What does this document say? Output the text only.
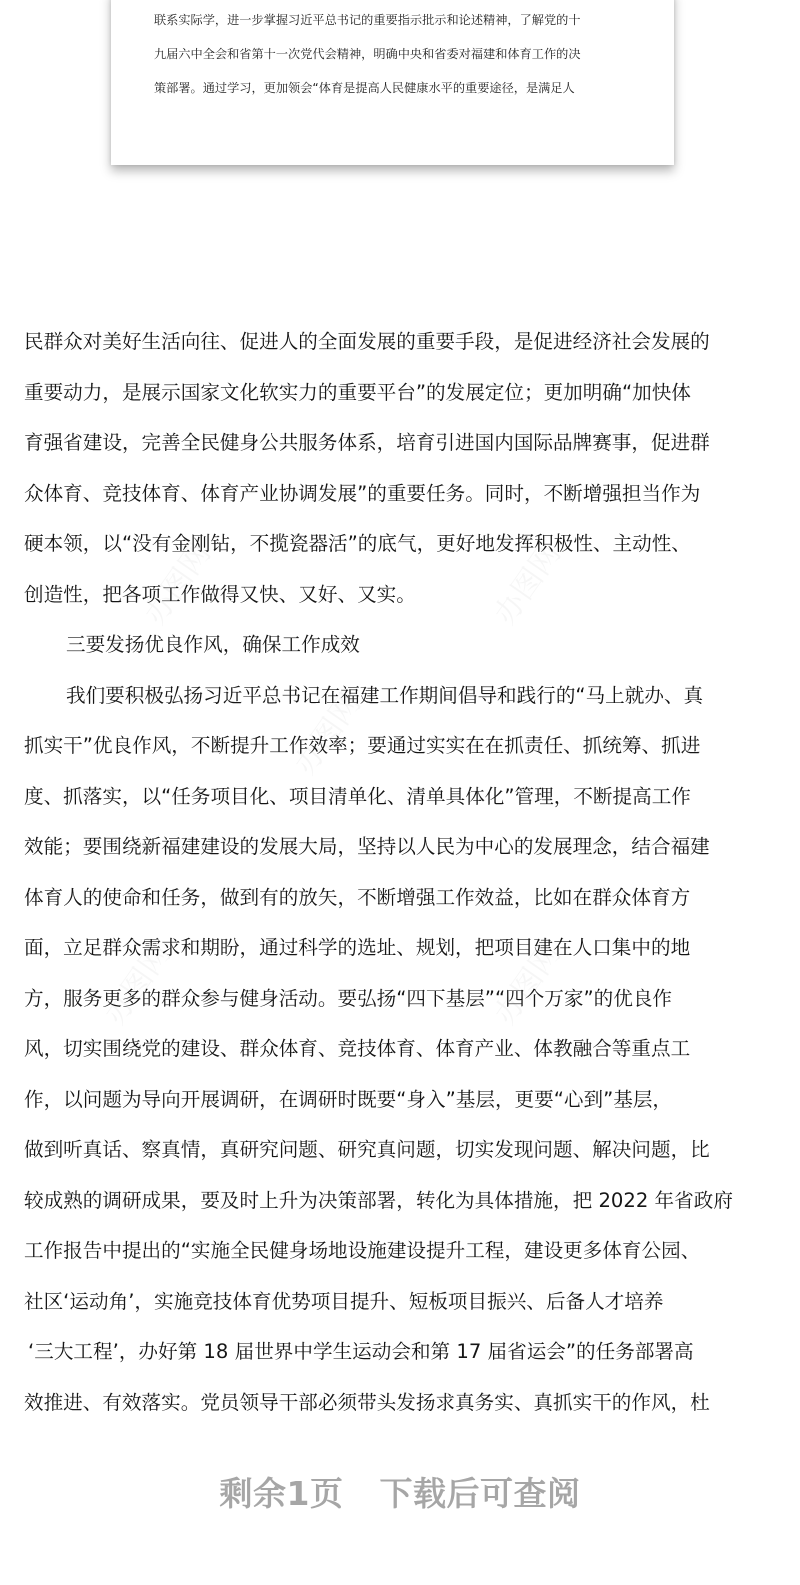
联系实际学，进一步掌握习近平总书记的重要指示批示和论述精神，了解党的十
九届六中全会和省第十一次党代会精神，明确中央和省委对福建和体育工作的决
策部署。通过学习，更加领会“体育是提高人民健康水平的重要途径，是满足人
民群众对美好生活向往、促进人的全面发展的重要手段，是促进经济社会发展的
重要动力，是展示国家文化软实力的重要平台”的发展定位；更加明确“加快体
育强省建设，完善全民健身公共服务体系，培育引进国内国际品牌赛事，促进群
众体育、竞技体育、体育产业协调发展”的重要任务。同时，不断增强担当作为
硬本领，以“没有金刚钻，不揽瓷器活”的底气，更好地发挥积极性、主动性、
创造性，把各项工作做得又快、又好、又实。
三要发扬优良作风，确保工作成效
我们要积极弘扬习近平总书记在福建工作期间倡导和践行的“马上就办、真
抓实干”优良作风，不断提升工作效率；要通过实实在在抓责任、抓统筹、抓进
度、抓落实，以“任务项目化、项目清单化、清单具体化”管理，不断提高工作
效能；要围绕新福建建设的发展大局，坚持以人民为中心的发展理念，结合福建
体育人的使命和任务，做到有的放矢，不断增强工作效益，比如在群众体育方
面，立足群众需求和期盼，通过科学的选址、规划，把项目建在人口集中的地
方，服务更多的群众参与健身活动。要弘扬“四下基层”“四个万家”的优良作
风，切实围绕党的建设、群众体育、竞技体育、体育产业、体教融合等重点工
作，以问题为导向开展调研，在调研时既要“身入”基层，更要“心到”基层，
做到听真话、察真情，真研究问题、研究真问题，切实发现问题、解决问题，比
较成熟的调研成果，要及时上升为决策部署，转化为具体措施，把 2022 年省政府
工作报告中提出的“实施全民健身场地设施建设提升工程，建设更多体育公园、
社区‘运动角’，实施竞技体育优势项目提升、短板项目振兴、后备人才培养
‘三大工程’，办好第 18 届世界中学生运动会和第 17 届省运会”的任务部署高
效推进、有效落实。党员领导干部必须带头发扬求真务实、真抓实干的作风，杜
剩余1页   下载后可查阅
